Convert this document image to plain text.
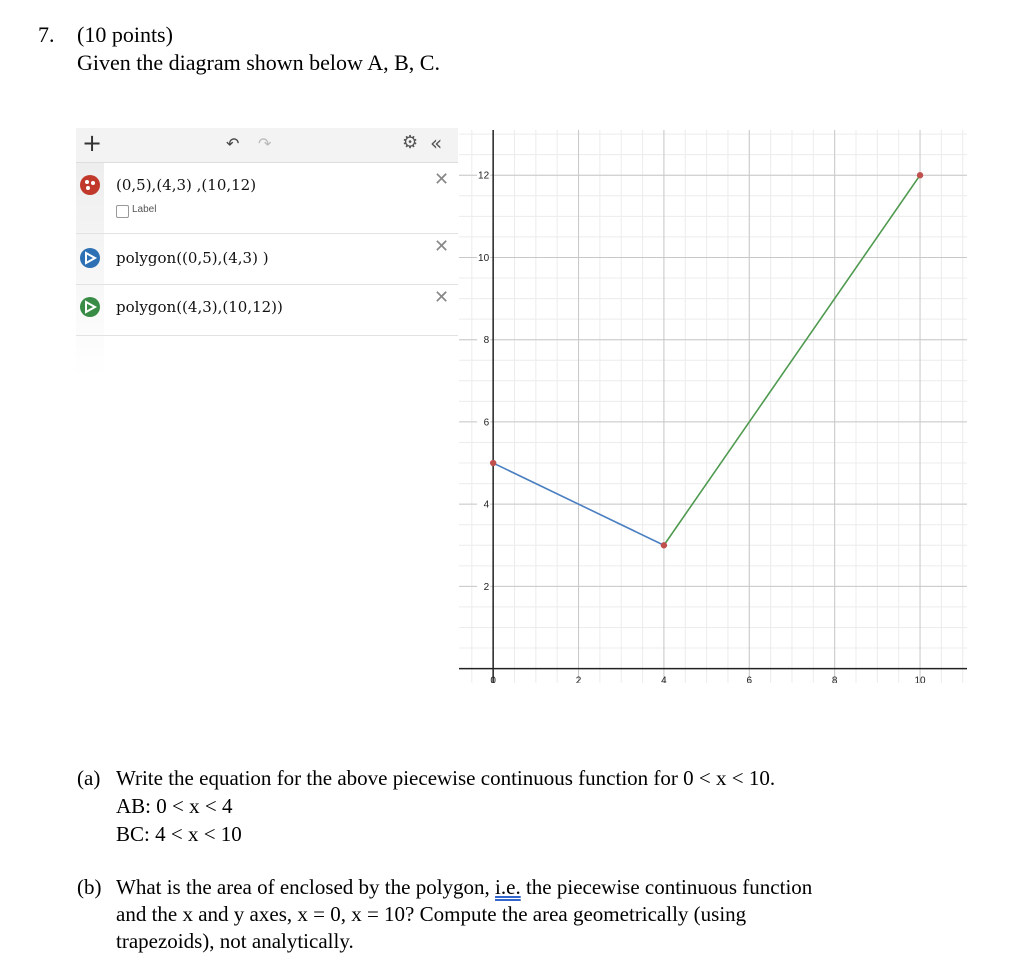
7. (10 points)
Given the diagram shown below A, B, C.
+	↶ ↷	⚙ «
(0,5),(4,3) ,(10,12)	✕
Label
polygon((0,5),(4,3) )
✕
polygon((4,3),(10,12))	✕
0	2	4	6	8	10
2
4
6
8
10
12
(a) Write the equation for the above piecewise continuous function for 0 < x < 10.
AB: 0 < x < 4
BC: 4 < x < 10
(b) What is the area of enclosed by the polygon, i.e. the piecewise continuous function
and the x and y axes, x = 0, x = 10? Compute the area geometrically (using
trapezoids), not analytically.
